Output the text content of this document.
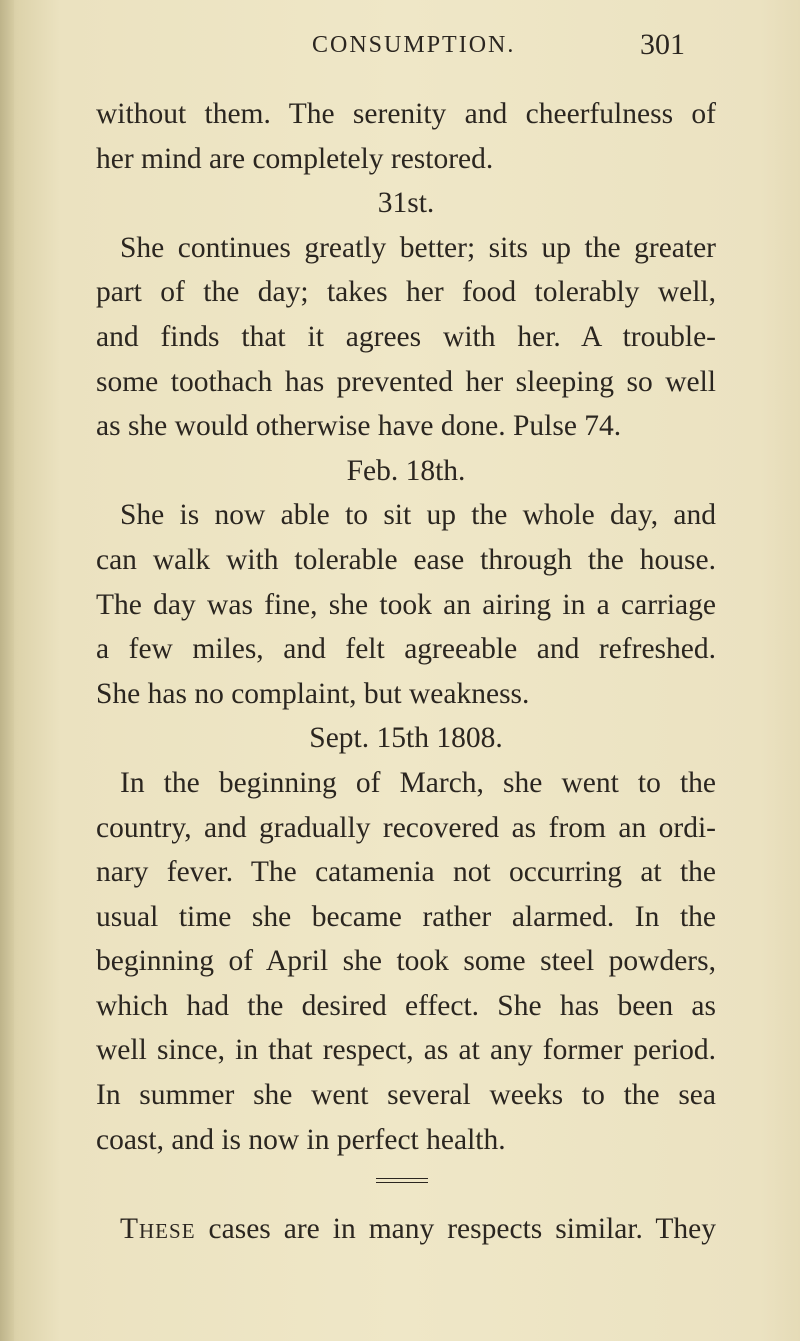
CONSUMPTION.	301
without them. The serenity and cheerfulness of
her mind are completely restored.
31st.
She continues greatly better; sits up the greater
part of the day; takes her food tolerably well,
and finds that it agrees with her. A trouble-
some toothach has prevented her sleeping so well
as she would otherwise have done. Pulse 74.
Feb. 18th.
She is now able to sit up the whole day, and
can walk with tolerable ease through the house.
The day was fine, she took an airing in a carriage
a few miles, and felt agreeable and refreshed.
She has no complaint, but weakness.
Sept. 15th 1808.
In the beginning of March, she went to the
country, and gradually recovered as from an ordi-
nary fever. The catamenia not occurring at the
usual time she became rather alarmed. In the
beginning of April she took some steel powders,
which had the desired effect. She has been as
well since, in that respect, as at any former period.
In summer she went several weeks to the sea
coast, and is now in perfect health.
These cases are in many respects similar. They
